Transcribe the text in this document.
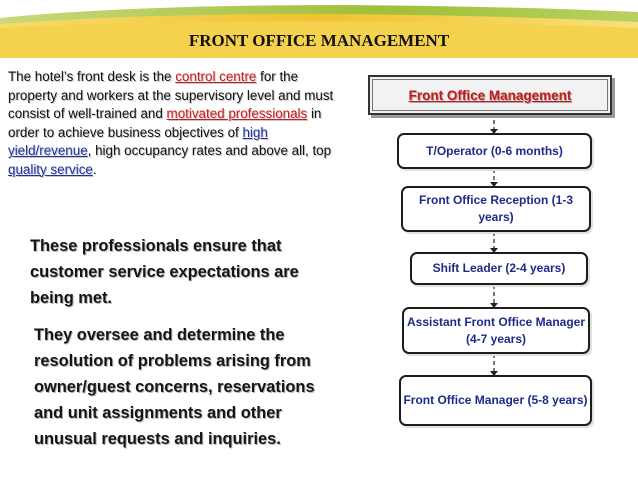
FRONT OFFICE MANAGEMENT
The hotel’s front desk is the control centre for the property and workers at the supervisory level and must consist of well-trained and motivated professionals in order to achieve business objectives of high yield/revenue, high occupancy rates and above all, top quality service.
These professionals ensure that customer service expectations are being met.
They oversee and determine the resolution of problems arising from owner/guest concerns, reservations and unit assignments and other unusual requests and inquiries.
Front Office Management
T/Operator (0-6 months)
Front Office Reception (1-3 years)
Shift Leader (2-4 years)
Assistant Front Office Manager (4-7 years)
Front Office Manager (5-8 years)
